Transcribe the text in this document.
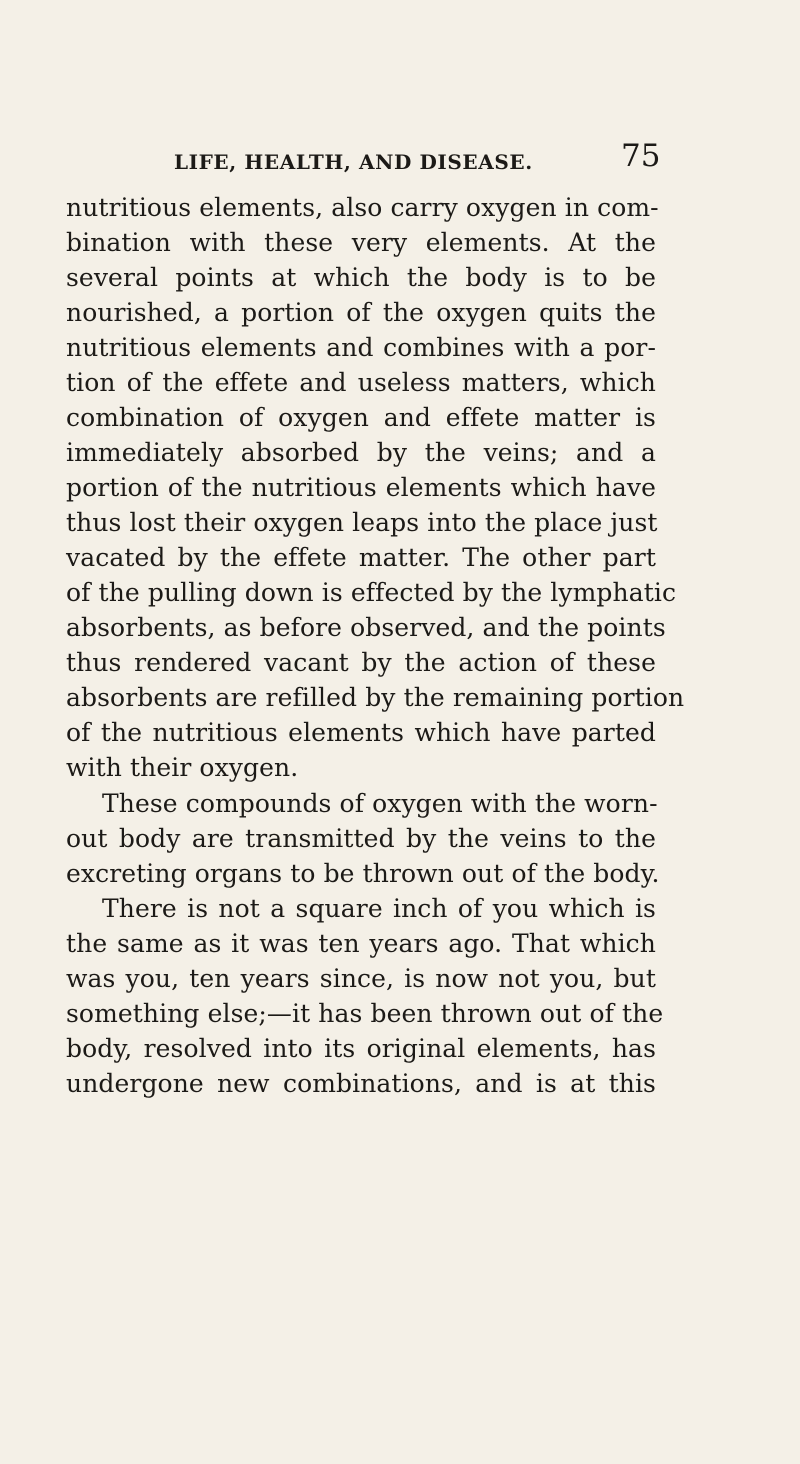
LIFE, HEALTH, AND DISEASE.	75
nutritious elements, also carry oxygen in com-
bination with these very elements. At the
several points at which the body is to be
nourished, a portion of the oxygen quits the
nutritious elements and combines with a por-
tion of the effete and useless matters, which
combination of oxygen and effete matter is
immediately absorbed by the veins; and a
portion of the nutritious elements which have
thus lost their oxygen leaps into the place just
vacated by the effete matter. The other part
of the pulling down is effected by the lymphatic
absorbents, as before observed, and the points
thus rendered vacant by the action of these
absorbents are refilled by the remaining portion
of the nutritious elements which have parted
with their oxygen.
These compounds of oxygen with the worn-
out body are transmitted by the veins to the
excreting organs to be thrown out of the body.
There is not a square inch of you which is
the same as it was ten years ago. That which
was you, ten years since, is now not you, but
something else;—it has been thrown out of the
body, resolved into its original elements, has
undergone new combinations, and is at this
